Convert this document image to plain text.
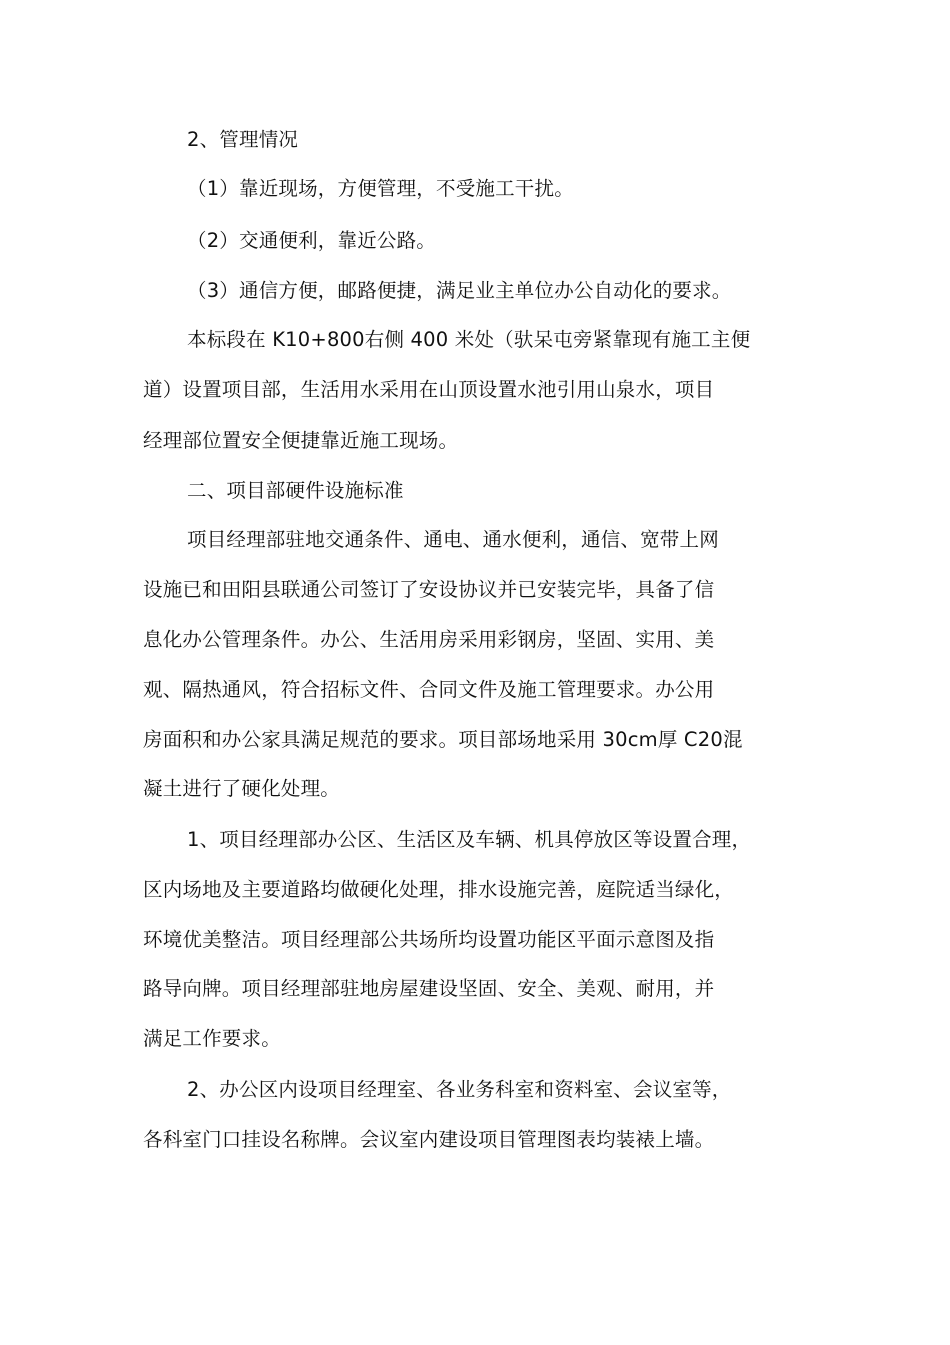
2、管理情况
（1）靠近现场，方便管理，不受施工干扰。
（2）交通便利，靠近公路。
（3）通信方便，邮路便捷，满足业主单位办公自动化的要求。
本标段在 K10+800右侧 400 米处（驮呆屯旁紧靠现有施工主便
道）设置项目部，生活用水采用在山顶设置水池引用山泉水，项目
经理部位置安全便捷靠近施工现场。
二、项目部硬件设施标准
项目经理部驻地交通条件、通电、通水便利，通信、宽带上网
设施已和田阳县联通公司签订了安设协议并已安装完毕，具备了信
息化办公管理条件。办公、生活用房采用彩钢房，坚固、实用、美
观、隔热通风，符合招标文件、合同文件及施工管理要求。办公用
房面积和办公家具满足规范的要求。项目部场地采用 30cm厚 C20混
凝土进行了硬化处理。
1、项目经理部办公区、生活区及车辆、机具停放区等设置合理，
区内场地及主要道路均做硬化处理，排水设施完善，庭院适当绿化，
环境优美整洁。项目经理部公共场所均设置功能区平面示意图及指
路导向牌。项目经理部驻地房屋建设坚固、安全、美观、耐用，并
满足工作要求。
2、办公区内设项目经理室、各业务科室和资料室、会议室等，
各科室门口挂设名称牌。会议室内建设项目管理图表均装裱上墙。
